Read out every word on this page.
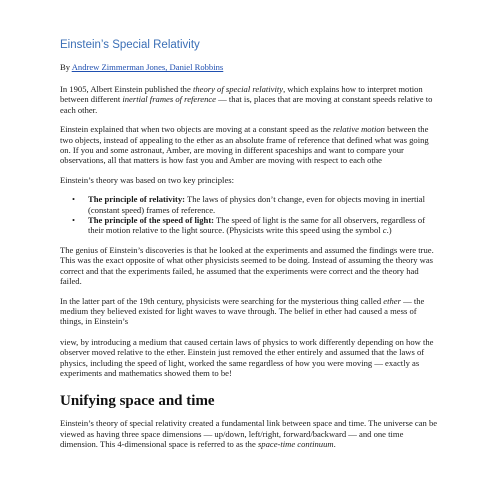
Einstein’s Special Relativity
By Andrew Zimmerman Jones, Daniel Robbins

In 1905, Albert Einstein published the theory of special relativity, which explains how to interpret motion between different inertial frames of reference — that is, places that are moving at constant speeds relative to each other.

Einstein explained that when two objects are moving at a constant speed as the relative motion between the two objects, instead of appealing to the ether as an absolute frame of reference that defined what was going on. If you and some astronaut, Amber, are moving in different spaceships and want to compare your observations, all that matters is how fast you and Amber are moving with respect to each othe

Einstein’s theory was based on two key principles:

• The principle of relativity: The laws of physics don’t change, even for objects moving in inertial (constant speed) frames of reference.
• The principle of the speed of light: The speed of light is the same for all observers, regardless of their motion relative to the light source. (Physicists write this speed using the symbol c.)

The genius of Einstein’s discoveries is that he looked at the experiments and assumed the findings were true. This was the exact opposite of what other physicists seemed to be doing. Instead of assuming the theory was correct and that the experiments failed, he assumed that the experiments were correct and the theory had failed.

In the latter part of the 19th century, physicists were searching for the mysterious thing called ether — the medium they believed existed for light waves to wave through. The belief in ether had caused a mess of things, in Einstein’s

view, by introducing a medium that caused certain laws of physics to work differently depending on how the observer moved relative to the ether. Einstein just removed the ether entirely and assumed that the laws of physics, including the speed of light, worked the same regardless of how you were moving — exactly as experiments and mathematics showed them to be!

Unifying space and time

Einstein’s theory of special relativity created a fundamental link between space and time. The universe can be viewed as having three space dimensions — up/down, left/right, forward/backward — and one time dimension. This 4-dimensional space is referred to as the space-time continuum.
